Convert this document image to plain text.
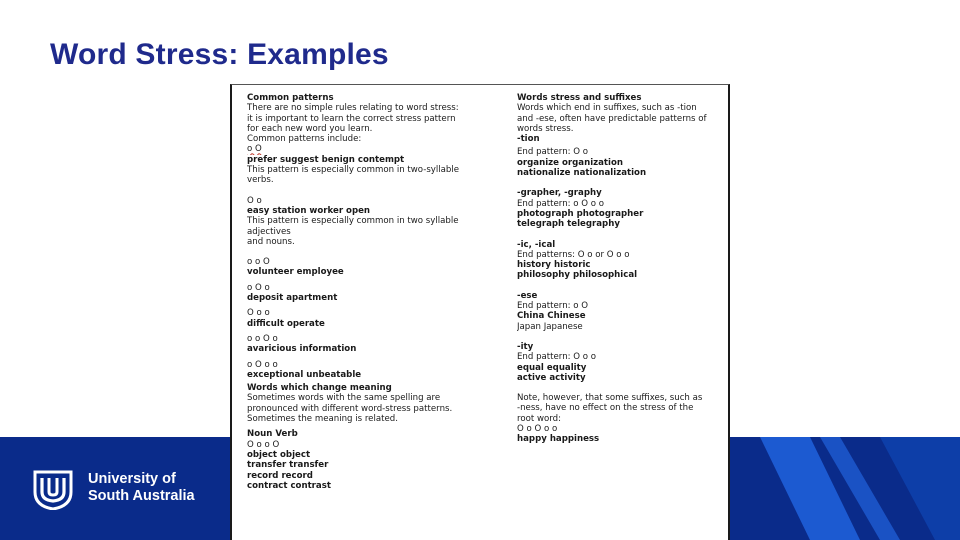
Word Stress: Examples
University of
South Australia
Common patterns
There are no simple rules relating to word stress:
it is important to learn the correct stress pattern
for each new word you learn.
Common patterns include:
o O
prefer suggest benign contempt
This pattern is especially common in two-syllable
verbs.
O o
easy station worker open
This pattern is especially common in two syllable
adjectives
and nouns.
o o O
volunteer employee
o O o
deposit apartment
O o o
difficult operate
o o O o
avaricious information
o O o o
exceptional unbeatable
Words which change meaning
Sometimes words with the same spelling are
pronounced with different word-stress patterns.
Sometimes the meaning is related.
Noun Verb
O o o O
object object
transfer transfer
record record
contract contrast
Words stress and suffixes
Words which end in suffixes, such as -tion
and -ese, often have predictable patterns of
words stress.
-tion
End pattern: O o
organize organization
nationalize nationalization
-grapher, -graphy
End pattern: o O o o
photograph photographer
telegraph telegraphy
-ic, -ical
End patterns: O o or O o o
history historic
philosophy philosophical
-ese
End pattern: o O
China Chinese
Japan Japanese
-ity
End pattern: O o o
equal equality
active activity
Note, however, that some suffixes, such as
-ness, have no effect on the stress of the
root word:
O o O o o
happy happiness
